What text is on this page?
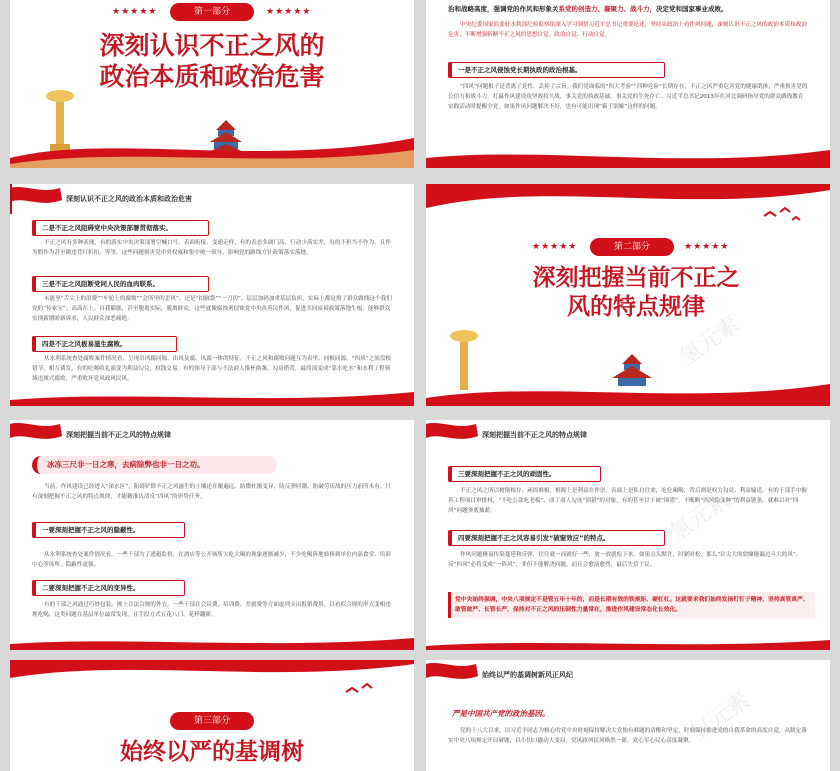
★★★★★	第一部分	★★★★★
深刻认识不正之风的
政治本质和政治危害
治和战略高度，强调党的作风和形象关系党的创造力、凝聚力、战斗力，决定党和国家事业成败。
中央纪委国家监委驻水利部纪检监察组深入学习领悟习近平总书记重要论述，坚持从政治上看作风问题，深刻认识不正之风的政治本质和政治危害，不断增强斩断不正之风的思想自觉、政治自觉、行动自觉。
一是不正之风侵蚀党长期执政的政治根基。
“四风”问题根子是背离了党性、丢掉了宗旨。我们党面临的“四大考验”“四种危险”长期存在，不正之风严重危害党的健康肌体，严重损害党的公信力和战斗力。打赢作风建设攻坚战持久战，事关党的执政基础，事关党的生死存亡。习近平总书记2013年在河北调研指导党的群众路线教育实践活动时提醒全党，如果作风问题解决不好，也有可能出现“霸王别姬”这样的问题。
深刻认识不正之风的政治本质和政治危害
二是不正之风阻碍党中央决策部署贯彻落实。
不正之风有多种表现，有的落实中央决策部署空喊口号、表面衔接、变通走样，有的表态多调门高、行动少落实差，有的不担当不作为、且作为假作为甚至做违背打折扣、等等。这些问题损害党中央权威和集中统一领导，影响党的路线方针政策落实落地。
三是不正之风阻断党同人民的血肉联系。
未能坚“舌尖上的浪费”“车轮上的腐败”“会所里的歪风”，还是“拍脑袋”“一刀切”、层层加码加重基层负担，实际上都是损了群众路线这个我们党的“传家宝”；高高在上、自我膨胀，甚至脱离实际、脱离群众，这些就像腐蚀剂侵蚀党中央改善民作风，促进共同富裕政策落地生根，能够群众实现新期盼新诉求，人民群众深恶痛绝。
四是不正之风极易滋生腐败。
从水利系统查处腐败案件情况看，呈现出风腐同源、由风及腐、风腐一体的特征。不正之风和腐败问题互为表里、同根同源。“四风”之间盘根错节、相互诱发，有的吃喝收礼演变为利益勾兑，权钱交易。有的领导干部与不法商人推杯换盏、勾肩搭背，最终演变成“靠水吃水”和水利工程领域违规式腐败，严重败坏党风政风民风。
★★★★★	第二部分	★★★★★
深刻把握当前不正之
风的特点规律
氢元素
深刻把握当前不正之风的特点规律
冰冻三尺非一日之寒，去病除弊也非一日之功。
当前，作风建设已经进入“深水区”，阻碍铲除不正之风滋生的土壤还在覆遍远、防微杜渐变异、防反弹回潮、防破劳庆战的压力前所未有。只有深刻把握不正之风的特点规律，才能精准认清反“四风”的形势任务。
一要深刻把握不正之风的隐蔽性。
从水利系统查处案件情况看，一些干部为了逃避监督，在酒店等公开场所大吃大喝的现象逐渐减少，不少吃喝阵地转移到单位内部食堂、培训中心等场所，隐蔽性更强。
二要深刻把握不正之风的变异性。
有的干部之风通过巧妙包装，披上合法合规的外衣。一些干部在会议费、培训费、差旅费等方面虚列支出报销费用，以看似合规的形式变相违规吃喝，这类问题在基层单位最常发现，且手段方式五花八门、花样翻新。
深刻把握当前不正之风的特点规律
三要深刻把握不正之风的顽固性。
不正之风之所以树倒根存、顽固难根，根源上是利益在作崇。表面上是私自往来，吃吃喝喝，背后则是权力勾兑、利益输送。有的干部手中握着工程项目审批权，“不吃公款吃老板”，成了商人勾连“围猎”的对象，有的甚至甘于被“围猎”。不断断“四风隐变种”的利益链条，就难以对“四风”问题釜底抽薪。
四要深刻把握不正之风容易引发“破窗效应”的特点。
作风问题极易传染蔓延和反弹，往往就一而就好一些，放一放就松下来。如果点头默许，时紧时松，那么“针尖大的窟窿能漏过斗大的风”，反“四风”必将变成“一阵风”，非但不能解决问题，而且会愈演愈烈，最后失信于民。
党中央始终强调，中央八项规定不是管五年十年的，而是长期有效的铁规矩、硬杠杠。这就要求我们始终发扬钉钉子精神，坚持真管真严、敢管敢严、长管长严，保持对不正之风的压倒性力量常在，推进作风建设常态化长效化。
氢元素
第三部分
始终以严的基调树
始终以严的基调树新风正风纪
严是中国共产党的政治基因。
党的十八大以来，以习近平同志为核心的党中央时刻保持解决大党独有难题的清醒和坚定，时刻保持推进党的自我革命的高度自觉，从制定落实中央八项规定开局破题，以小切口撬动大变局，党风政风民风焕然一新，党心军心民心高度凝聚。
氢元素
